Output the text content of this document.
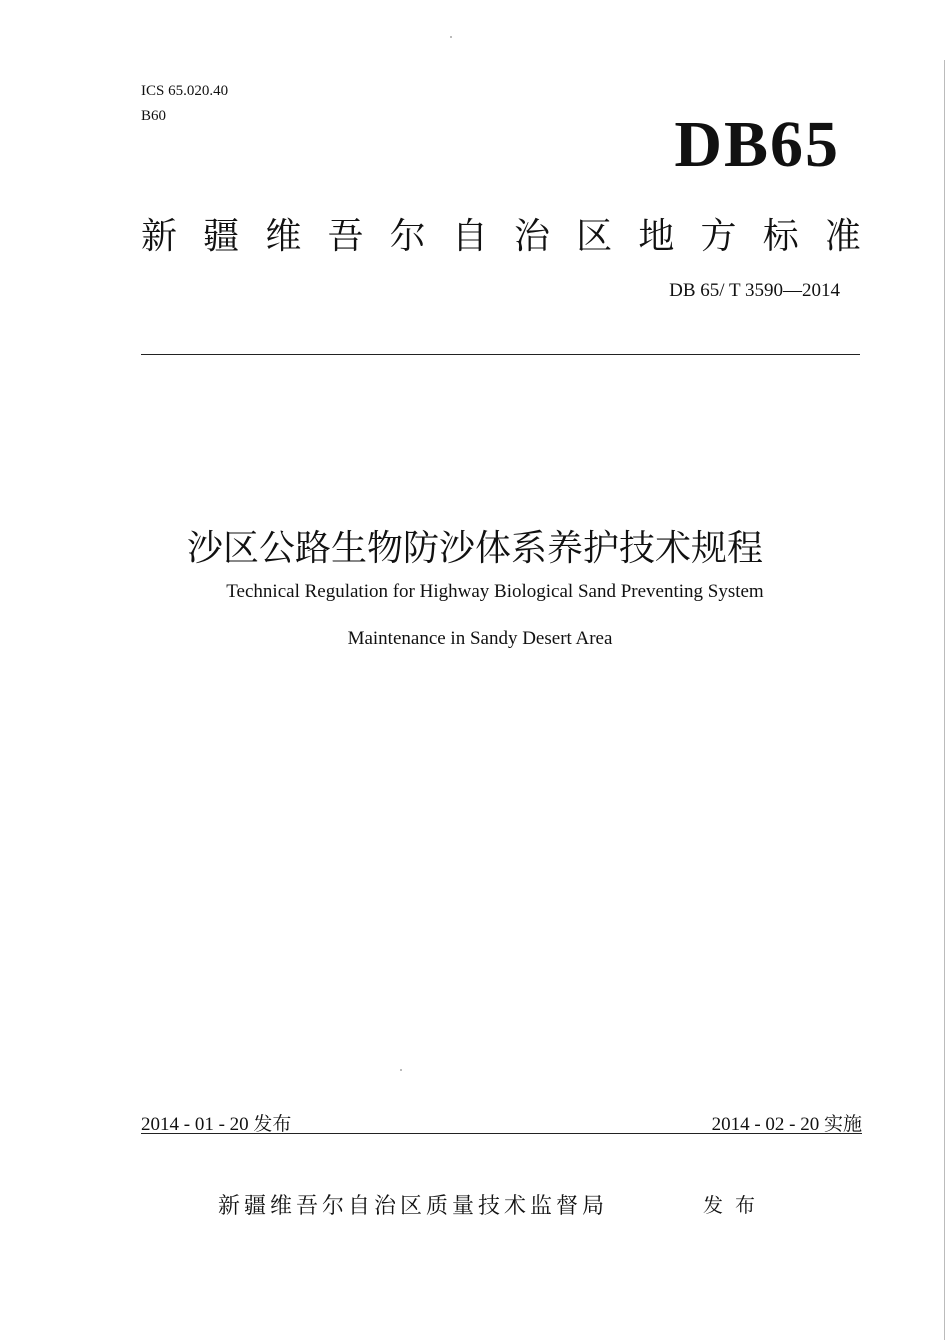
ICS 65.020.40
B60	DB65
新 疆 维 吾 尔 自 治 区 地 方 标 准
DB 65/ T 3590—2014
沙区公路生物防沙体系养护技术规程
Technical Regulation for Highway Biological Sand Preventing System
Maintenance in Sandy Desert Area
2014 - 01 - 20 发布	2014 - 02 - 20 实施
新疆维吾尔自治区质量技术监督局	发布
